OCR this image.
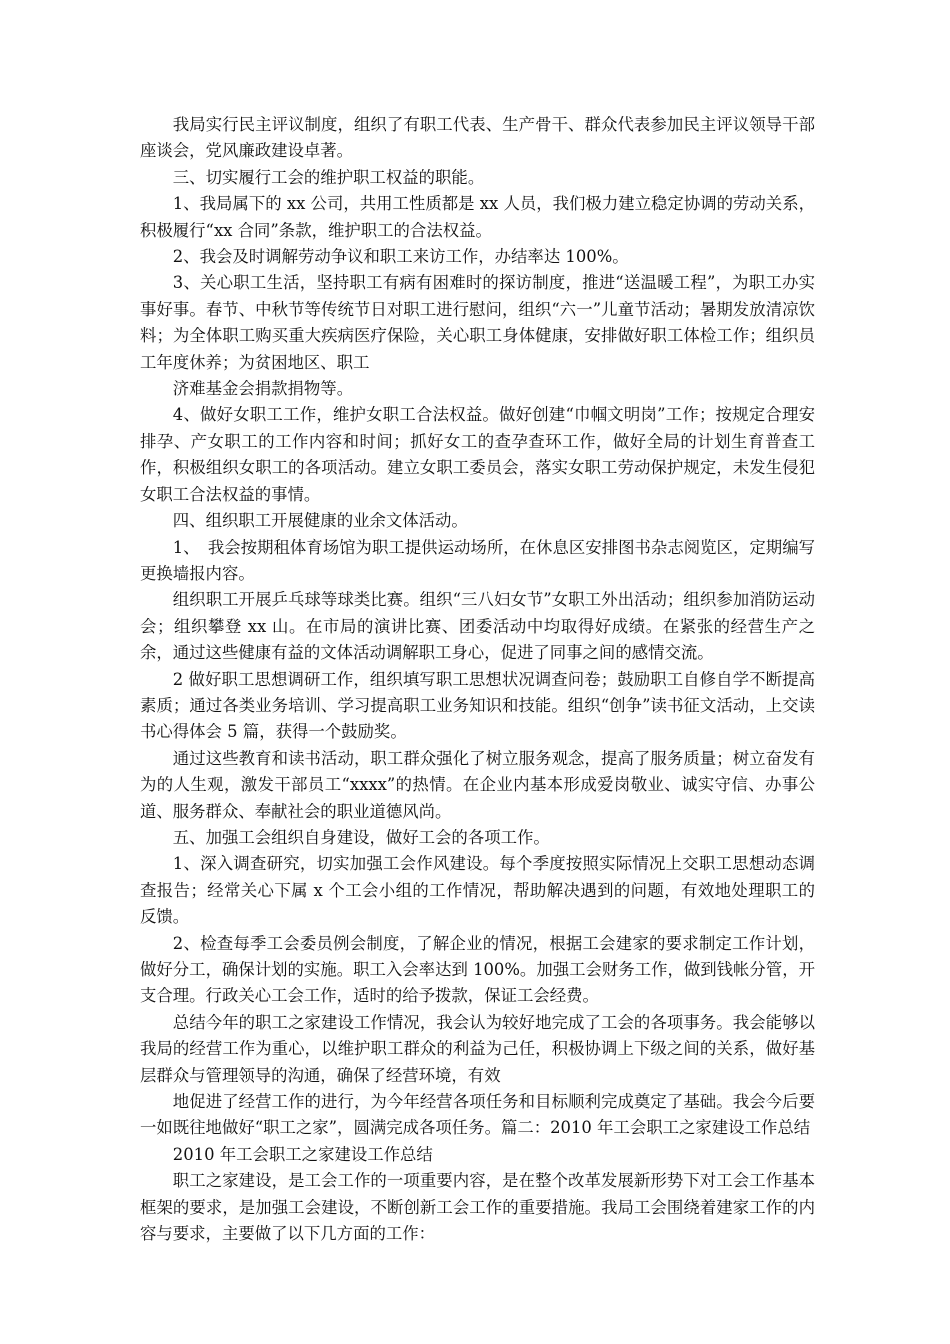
我局实行民主评议制度，组织了有职工代表、生产骨干、群众代表参加民主评议领导干部座谈会，党风廉政建设卓著。

三、切实履行工会的维护职工权益的职能。

1、我局属下的 xx 公司，共用工性质都是 xx 人员，我们极力建立稳定协调的劳动关系，积极履行“xx 合同”条款，维护职工的合法权益。

2、我会及时调解劳动争议和职工来访工作，办结率达 100%。

3、关心职工生活，坚持职工有病有困难时的探访制度，推进“送温暖工程”，为职工办实事好事。春节、中秋节等传统节日对职工进行慰问，组织“六一”儿童节活动；暑期发放清凉饮料；为全体职工购买重大疾病医疗保险，关心职工身体健康，安排做好职工体检工作；组织员工年度休养；为贫困地区、职工

济难基金会捐款捐物等。

4、做好女职工工作，维护女职工合法权益。做好创建“巾帼文明岗”工作；按规定合理安排孕、产女职工的工作内容和时间；抓好女工的查孕查环工作，做好全局的计划生育普查工作，积极组织女职工的各项活动。建立女职工委员会，落实女职工劳动保护规定，未发生侵犯女职工合法权益的事情。

四、组织职工开展健康的业余文体活动。

1、　我会按期租体育场馆为职工提供运动场所，在休息区安排图书杂志阅览区，定期编写更换墙报内容。

组织职工开展乒乓球等球类比赛。组织“三八妇女节”女职工外出活动；组织参加消防运动会；组织攀登 xx 山。在市局的演讲比赛、团委活动中均取得好成绩。在紧张的经营生产之余，通过这些健康有益的文体活动调解职工身心，促进了同事之间的感情交流。

2 做好职工思想调研工作，组织填写职工思想状况调查问卷；鼓励职工自修自学不断提高素质；通过各类业务培训、学习提高职工业务知识和技能。组织“创争”读书征文活动，上交读书心得体会 5 篇，获得一个鼓励奖。

通过这些教育和读书活动，职工群众强化了树立服务观念，提高了服务质量；树立奋发有为的人生观，激发干部员工“xxxx”的热情。在企业内基本形成爱岗敬业、诚实守信、办事公道、服务群众、奉献社会的职业道德风尚。

五、加强工会组织自身建设，做好工会的各项工作。

1、深入调查研究，切实加强工会作风建设。每个季度按照实际情况上交职工思想动态调查报告；经常关心下属 x 个工会小组的工作情况，帮助解决遇到的问题，有效地处理职工的反馈。

2、检查每季工会委员例会制度，了解企业的情况，根据工会建家的要求制定工作计划，做好分工，确保计划的实施。职工入会率达到 100%。加强工会财务工作，做到钱帐分管，开支合理。行政关心工会工作，适时的给予拨款，保证工会经费。

总结今年的职工之家建设工作情况，我会认为较好地完成了工会的各项事务。我会能够以我局的经营工作为重心，以维护职工群众的利益为己任，积极协调上下级之间的关系，做好基层群众与管理领导的沟通，确保了经营环境，有效

地促进了经营工作的进行，为今年经营各项任务和目标顺利完成奠定了基础。我会今后要一如既往地做好“职工之家”，圆满完成各项任务。篇二：2010 年工会职工之家建设工作总结

2010 年工会职工之家建设工作总结

职工之家建设，是工会工作的一项重要内容，是在整个改革发展新形势下对工会工作基本框架的要求，是加强工会建设，不断创新工会工作的重要措施。我局工会围绕着建家工作的内容与要求，主要做了以下几方面的工作：
